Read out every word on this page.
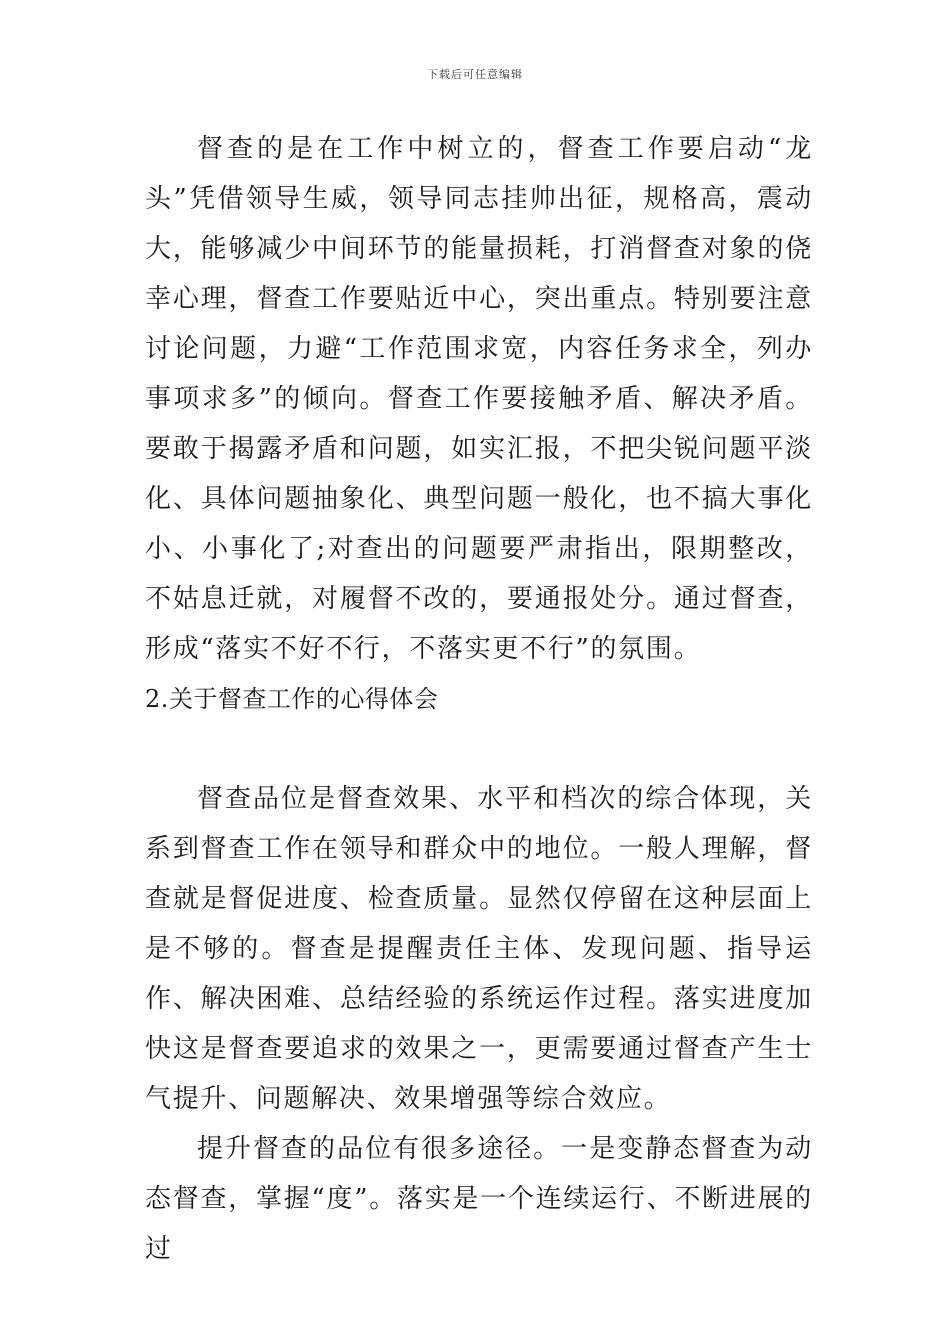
下载后可任意编辑

督查的是在工作中树立的，督查工作要启动“龙头”凭借领导生威，领导同志挂帅出征，规格高，震动大，能够减少中间环节的能量损耗，打消督查对象的侥幸心理，督查工作要贴近中心，突出重点。特别要注意讨论问题，力避“工作范围求宽，内容任务求全，列办事项求多”的倾向。督查工作要接触矛盾、解决矛盾。要敢于揭露矛盾和问题，如实汇报，不把尖锐问题平淡化、具体问题抽象化、典型问题一般化，也不搞大事化小、小事化了;对查出的问题要严肃指出，限期整改，不姑息迁就，对履督不改的，要通报处分。通过督查，形成“落实不好不行，不落实更不行”的氛围。

2.关于督查工作的心得体会

督查品位是督查效果、水平和档次的综合体现，关系到督查工作在领导和群众中的地位。一般人理解，督查就是督促进度、检查质量。显然仅停留在这种层面上是不够的。督查是提醒责任主体、发现问题、指导运作、解决困难、总结经验的系统运作过程。落实进度加快这是督查要追求的效果之一，更需要通过督查产生士气提升、问题解决、效果增强等综合效应。

提升督查的品位有很多途径。一是变静态督查为动态督查，掌握“度”。落实是一个连续运行、不断进展的过
